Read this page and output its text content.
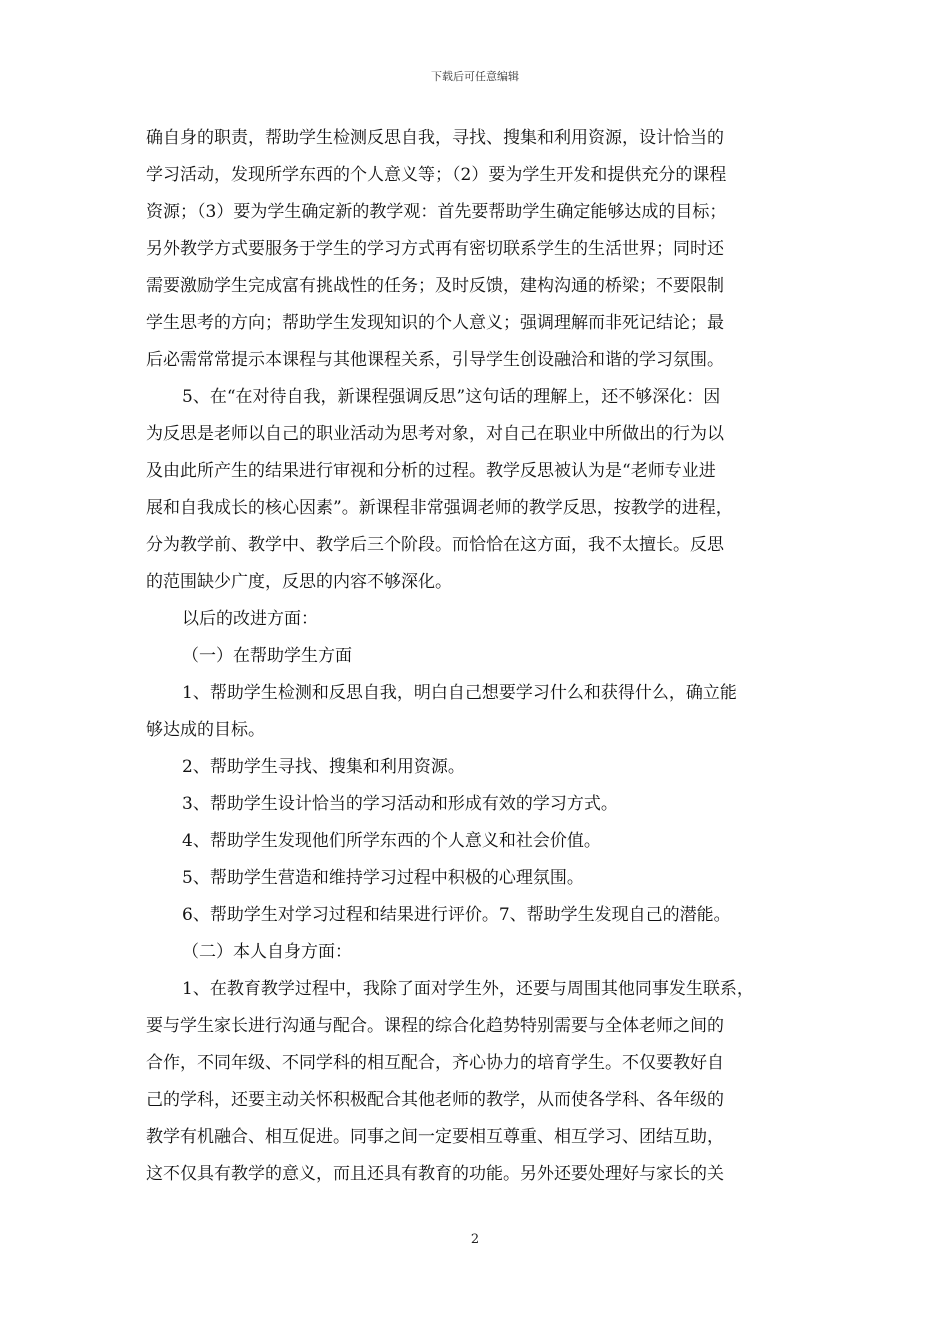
下载后可任意编辑
确自身的职责，帮助学生检测反思自我，寻找、搜集和利用资源，设计恰当的
学习活动，发现所学东西的个人意义等；（2）要为学生开发和提供充分的课程
资源；（3）要为学生确定新的教学观：首先要帮助学生确定能够达成的目标；
另外教学方式要服务于学生的学习方式再有密切联系学生的生活世界；同时还
需要激励学生完成富有挑战性的任务；及时反馈，建构沟通的桥梁；不要限制
学生思考的方向；帮助学生发现知识的个人意义；强调理解而非死记结论；最
后必需常常提示本课程与其他课程关系，引导学生创设融洽和谐的学习氛围。
5、在“在对待自我，新课程强调反思”这句话的理解上，还不够深化：因
为反思是老师以自己的职业活动为思考对象，对自己在职业中所做出的行为以
及由此所产生的结果进行审视和分析的过程。教学反思被认为是“老师专业进
展和自我成长的核心因素”。新课程非常强调老师的教学反思，按教学的进程，
分为教学前、教学中、教学后三个阶段。而恰恰在这方面，我不太擅长。反思
的范围缺少广度，反思的内容不够深化。
以后的改进方面：
（一）在帮助学生方面
1、帮助学生检测和反思自我，明白自己想要学习什么和获得什么，确立能
够达成的目标。
2、帮助学生寻找、搜集和利用资源。
3、帮助学生设计恰当的学习活动和形成有效的学习方式。
4、帮助学生发现他们所学东西的个人意义和社会价值。
5、帮助学生营造和维持学习过程中积极的心理氛围。
6、帮助学生对学习过程和结果进行评价。7、帮助学生发现自己的潜能。
（二）本人自身方面：
1、在教育教学过程中，我除了面对学生外，还要与周围其他同事发生联系，
要与学生家长进行沟通与配合。课程的综合化趋势特别需要与全体老师之间的
合作，不同年级、不同学科的相互配合，齐心协力的培育学生。不仅要教好自
己的学科，还要主动关怀积极配合其他老师的教学，从而使各学科、各年级的
教学有机融合、相互促进。同事之间一定要相互尊重、相互学习、团结互助，
这不仅具有教学的意义，而且还具有教育的功能。另外还要处理好与家长的关
2
